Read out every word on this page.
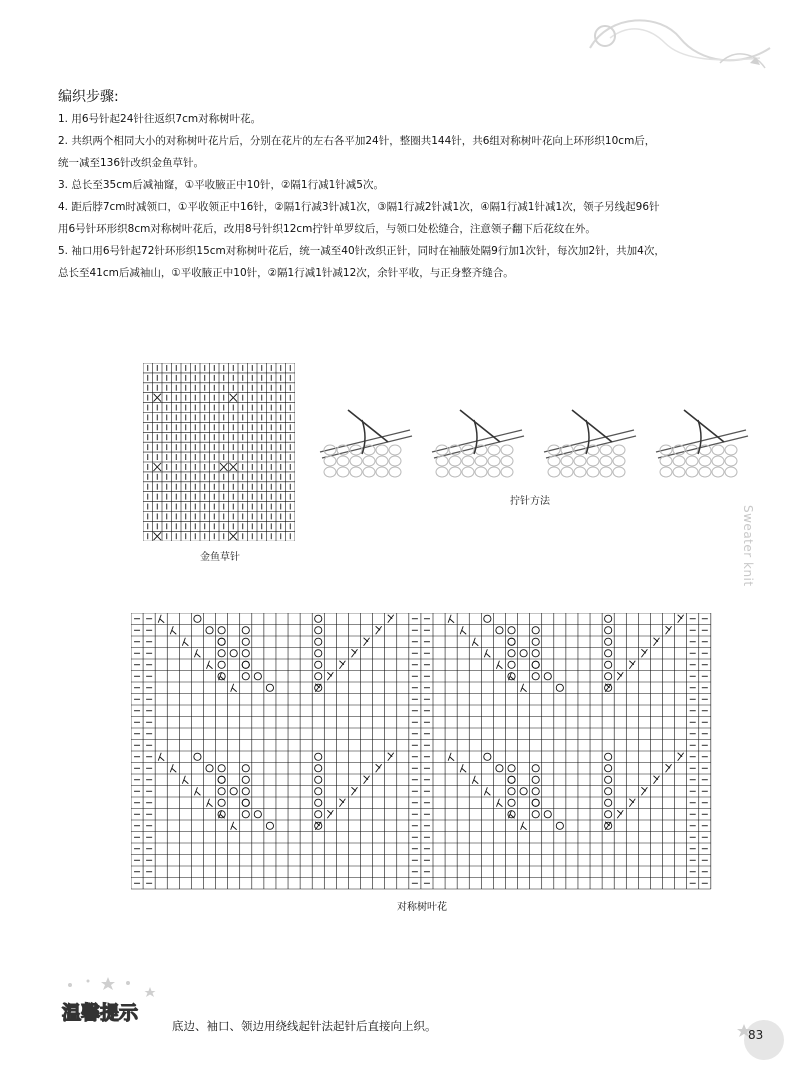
编织步骤:
1. 用6号针起24针往返织7cm对称树叶花。
2. 共织两个相同大小的对称树叶花片后，分别在花片的左右各平加24针，整圈共144针，共6组对称树叶花向上环形织10cm后，
统一减至136针改织金鱼草针。
3. 总长至35cm后减袖窿，①平收腋正中10针，②隔1行减1针减5次。
4. 距后脖7cm时减领口，①平收领正中16针，②隔1行减3针减1次，③隔1行减2针减1次，④隔1行减1针减1次，领子另线起96针
用6号针环形织8cm对称树叶花后，改用8号针织12cm拧针单罗纹后，与领口处松缝合，注意领子翻下后花纹在外。
5. 袖口用6号针起72针环形织15cm对称树叶花后，统一减至40针改织正针，同时在袖腋处隔9行加1次针，每次加2针，共加4次，
总长至41cm后减袖山，①平收腋正中10针，②隔1行减1针减12次，余针平收，与正身整齐缝合。
金鱼草针
拧针方法
对称树叶花
Sweater knit
温馨提示
底边、袖口、领边用绕线起针法起针后直接向上织。
83
